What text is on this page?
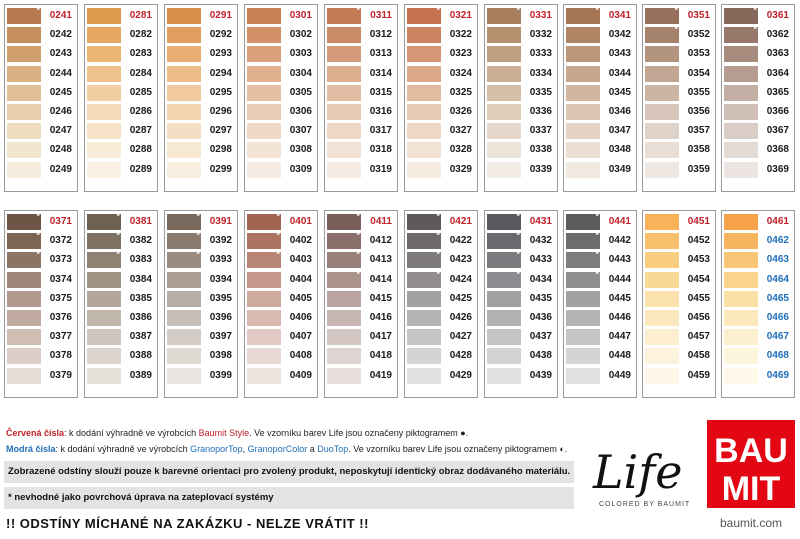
* 0241
0242
0243
0244
0245
0246
0247
0248
0249
0281
0282
0283
0284
0285
0286
0287
0288
0289
0291
0292
0293
0294
0295
0296
0297
0298
0299
0301
0302
0303
0304
0305
0306
0307
0308
0309
*	0311
0312
0313
0314
0315
0316
0317
0318
0319
* 0321
0322
0323
0324
0325
0326
0327
0328
0329
* 0331
0332
0333
0334
0335
0336
0337
0338
0339
* 0341
0342
0343
0344
0345
0346
0347
0348
0349
* 0351
* 0352
0353
0354
0355
0356
0357
0358
0359
* 0361
* 0362
0363
0364
0365
0366
0367
0368
0369
* 0371
* 0372
* 0373
0374
0375
0376
0377
0378
0379
* 0381
* 0382
* 0383
0384
0385
0386
0387
0388
0389
* 0391
* 0392
* 0393
0394
0395
0396
0397
0398
0399
* 0401
* 0402
* 0403
0404
0405
0406
0407
0408
0409
*	0411
* 0412
* 0413
* 0414
0415
0416
0417
0418
0419
* 0421
* 0422
* 0423
* 0424
0425
0426
0427
0428
0429
* 0431
* 0432
* 0433
* 0434
0435
0436
0437
0438
0439
* 0441
* 0442
* 0443
* 0444
0445
0446
0447
0448
0449
0451
0452
0453
0454
0455
0456
0457
0458
0459
0461
0462
0463
0464
0465
0466
0467
0468
0469
Červená čísla: k dodání výhradně ve výrobcích Baumit Style. Ve vzorníku barev Life jsou označeny piktogramem ●.
Modrá čísla: k dodání výhradně ve výrobcích GranoporTop, GranoporColor a DuoTop. Ve vzorníku barev Life jsou označeny piktogramem ◐.
Zobrazené odstíny slouží pouze k barevné orientaci pro zvolený produkt, neposkytují identický obraz dodávaného materiálu.
* nevhodné jako povrchová úprava na zateplovací systémy
!! ODSTÍNY MÍCHANÉ NA ZAKÁZKU - NELZE VRÁTIT !!
Life
COLORED BY BAUMIT
BAU
MIT
baumit.com
